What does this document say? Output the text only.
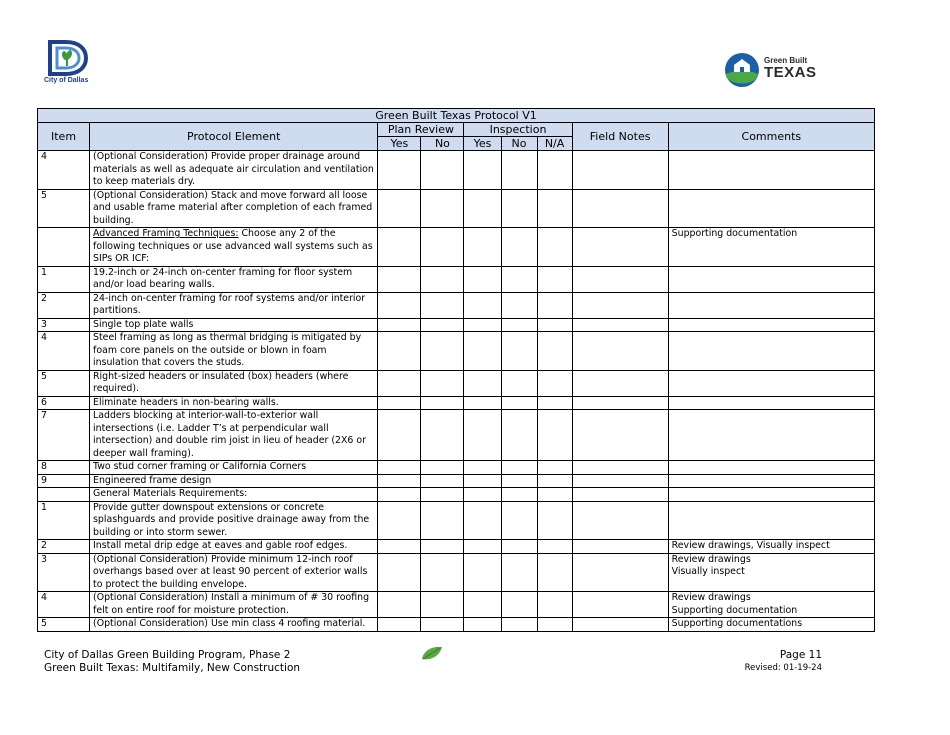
City of Dallas
Green Built
TEXAS
Green Built Texas Protocol V1								
Item	Protocol Element	Plan Review		Inspection			Field Notes	Comments
		Yes	No	Yes	No	N/A		
4	(Optional Consideration) Provide proper drainage around materials as well as adequate air circulation and ventilation to keep materials dry.							
5	(Optional Consideration) Stack and move forward all loose and usable frame material after completion of each framed building.							
	Advanced Framing Techniques: Choose any 2 of the following techniques or use advanced wall systems such as SIPs OR ICF:							Supporting documentation
1	19.2-inch or 24-inch on-center framing for floor system and/or load bearing walls.							
2	24-inch on-center framing for roof systems and/or interior partitions.							
3	Single top plate walls							
4	Steel framing as long as thermal bridging is mitigated by foam core panels on the outside or blown in foam insulation that covers the studs.							
5	Right-sized headers or insulated (box) headers (where required).							
6	Eliminate headers in non-bearing walls.							
7	Ladders blocking at interior-wall-to-exterior wall intersections (i.e. Ladder T’s at perpendicular wall intersection) and double rim joist in lieu of header (2X6 or deeper wall framing).							
8	Two stud corner framing or California Corners							
9	Engineered frame design							
	General Materials Requirements:							
1	Provide gutter downspout extensions or concrete splashguards and provide positive drainage away from the building or into storm sewer.							
2	Install metal drip edge at eaves and gable roof edges.							Review drawings, Visually inspect
3	(Optional Consideration) Provide minimum 12-inch roof overhangs based over at least 90 percent of exterior walls to protect the building envelope.							Review drawings
Visually inspect

4	(Optional Consideration) Install a minimum of # 30 roofing felt on entire roof for moisture protection.							Review drawings
Supporting documentation

5	(Optional Consideration) Use min class 4 roofing material.							Supporting documentations
City of Dallas Green Building Program, Phase 2
Green Built Texas: Multifamily, New Construction
Page 11
Revised: 01-19-24
